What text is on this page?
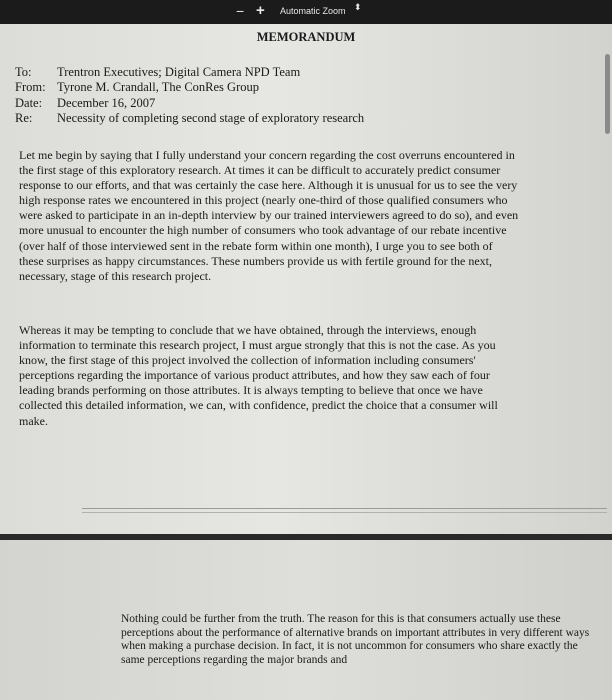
− + Automatic Zoom ⬍
MEMORANDUM
To: Trentron Executives; Digital Camera NPD Team
From: Tyrone M. Crandall, The ConRes Group
Date: December 16, 2007
Re: Necessity of completing second stage of exploratory research

Let me begin by saying that I fully understand your concern regarding the cost overruns encountered in the first stage of this exploratory research. At times it can be difficult to accurately predict consumer response to our efforts, and that was certainly the case here. Although it is unusual for us to see the very high response rates we encountered in this project (nearly one-third of those qualified consumers who were asked to participate in an in-depth interview by our trained interviewers agreed to do so), and even more unusual to encounter the high number of consumers who took advantage of our rebate incentive (over half of those interviewed sent in the rebate form within one month), I urge you to see both of these surprises as happy circumstances. These numbers provide us with fertile ground for the next, necessary, stage of this research project.

Whereas it may be tempting to conclude that we have obtained, through the interviews, enough information to terminate this research project, I must argue strongly that this is not the case. As you know, the first stage of this project involved the collection of information including consumers' perceptions regarding the importance of various product attributes, and how they saw each of four leading brands performing on those attributes. It is always tempting to believe that once we have collected this detailed information, we can, with confidence, predict the choice that a consumer will make.

Nothing could be further from the truth. The reason for this is that consumers actually use these perceptions about the performance of alternative brands on important attributes in very different ways when making a purchase decision. In fact, it is not uncommon for consumers who share exactly the same perceptions regarding the major brands and
